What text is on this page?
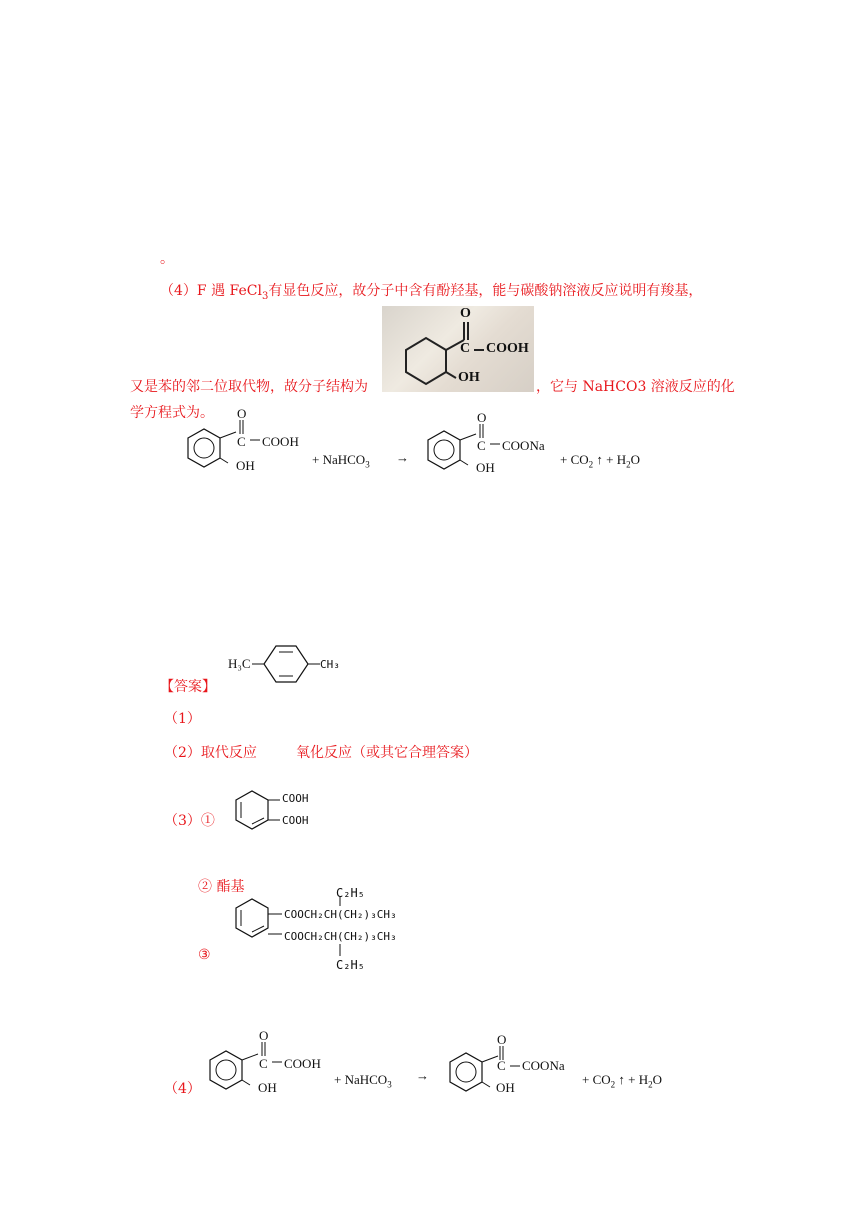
。
（4）F 遇 FeCl$_3$有显色反应，故分子中含有酚羟基，能与碳酸钠溶液反应说明有羧基，
O
C COOH
OH
又是苯的邻二位取代物，故分子结构为	，它与 NaHCO3 溶液反应的化
学方程式为。 O
C COOH
OH	+ NaHCO$_3$ →
O
C COONa
OH
+ $CO_2$ ↑ + $H_2O$
【答案】
H₃C	CH₃
（1）
（2）取代反应	氧化反应（或其它合理答案）
（3）①
COOH
COOH
② 酯基
③
C₂H₅
COOCH₂CH(CH₂)₃CH₃
COOCH₂CH(CH₂)₃CH₃
C₂H₅
（4）
O
C COOH
OH
+ NaHCO$_3$
→
O
C COONa
OH
+ $CO_2$ ↑ + $H_2O$
